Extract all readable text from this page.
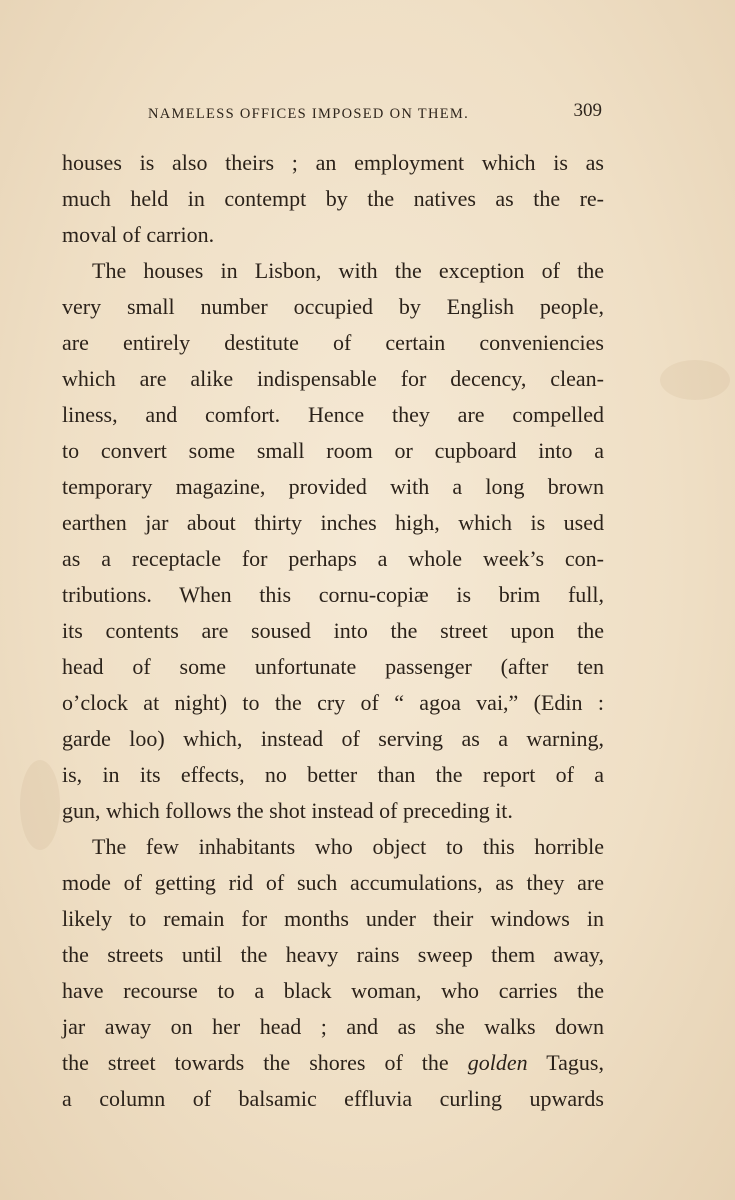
NAMELESS OFFICES IMPOSED ON THEM.	309
houses is also theirs ; an employment which is as
much held in contempt by the natives as the re-
moval of carrion.
The houses in Lisbon, with the exception of the
very small number occupied by English people,
are entirely destitute of certain conveniencies
which are alike indispensable for decency, clean-
liness, and comfort. Hence they are compelled
to convert some small room or cupboard into a
temporary magazine, provided with a long brown
earthen jar about thirty inches high, which is used
as a receptacle for perhaps a whole week’s con-
tributions. When this cornu-copiæ is brim full,
its contents are soused into the street upon the
head of some unfortunate passenger (after ten
o’clock at night) to the cry of “ agoa vai,” (Edin :
garde loo) which, instead of serving as a warning,
is, in its effects, no better than the report of a
gun, which follows the shot instead of preceding it.
The few inhabitants who object to this horrible
mode of getting rid of such accumulations, as they are
likely to remain for months under their windows in
the streets until the heavy rains sweep them away,
have recourse to a black woman, who carries the
jar away on her head ; and as she walks down
the street towards the shores of the golden Tagus,
a column of balsamic effluvia curling upwards
